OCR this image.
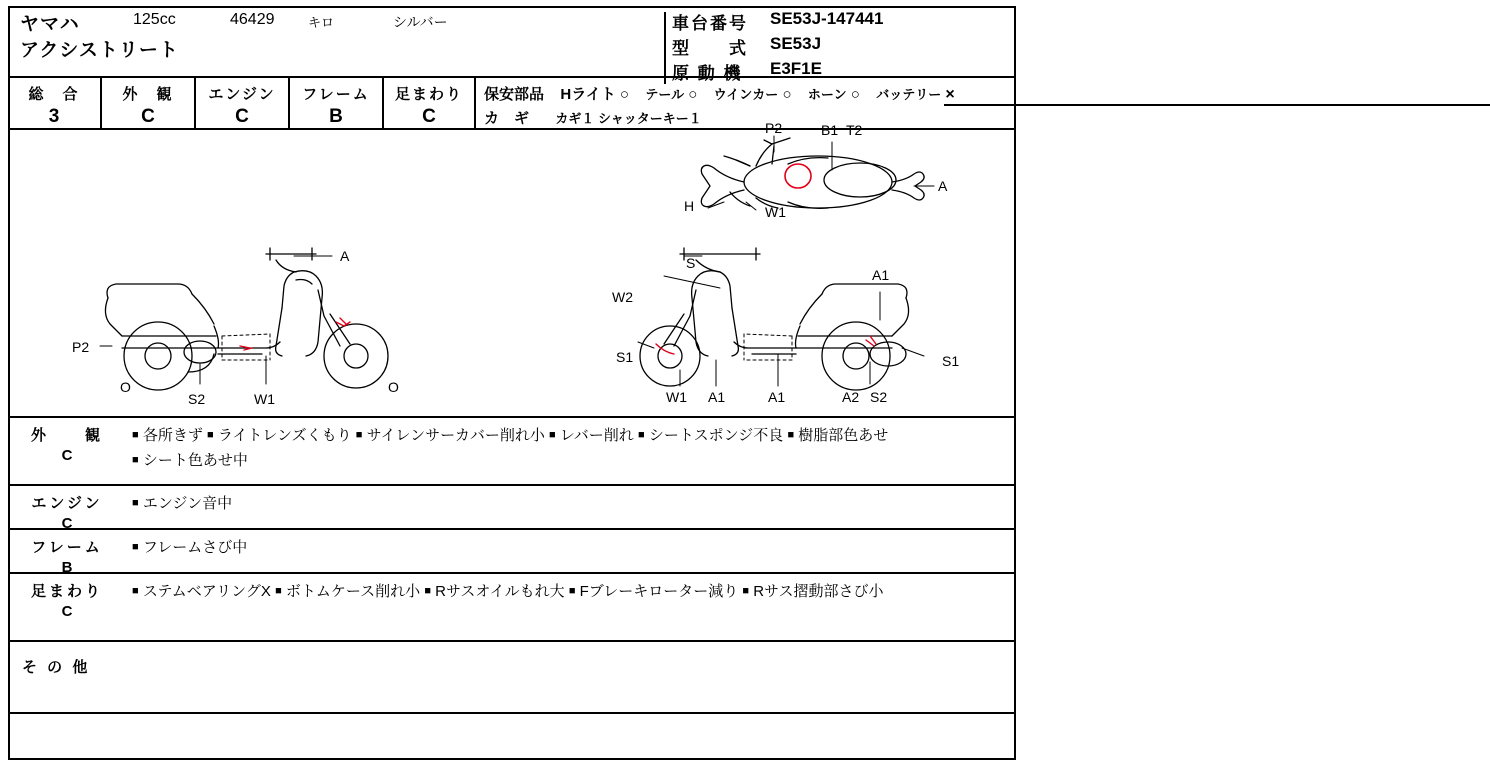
ヤマハ	125cc	46429	キロ	シルバー
アクシストリート
車台番号 SE53J-147441
型　　式 SE53J
原 動 機 E3F1E
総　合
3
外　観
C
エンジン
C
フレーム
B
足まわり
C
保安部品 Hライト ○ テール ○ ウインカー ○ ホーン ○ バッテリー ×
カ　ギ カギ１ シャッターキー１
P2	B1 T2
A
H	W1
A
P2
O	O
S2	W1
S
W2
A1
S1	S1
W1 A1	A1	A2 S2
外　　観
C
■ 各所きず ■ ライトレンズくもり ■ サイレンサーカバー削れ小 ■ レバー削れ ■ シートスポンジ不良 ■ 樹脂部色あせ ■ シート色あせ中
エンジン
C
■ エンジン音中
フレーム
B
■ フレームさび中
足まわり
C
■ ステムベアリングX ■ ボトムケース削れ小 ■ Rサスオイルもれ大 ■ Fブレーキローター減り ■ Rサス摺動部さび小
そ の 他
